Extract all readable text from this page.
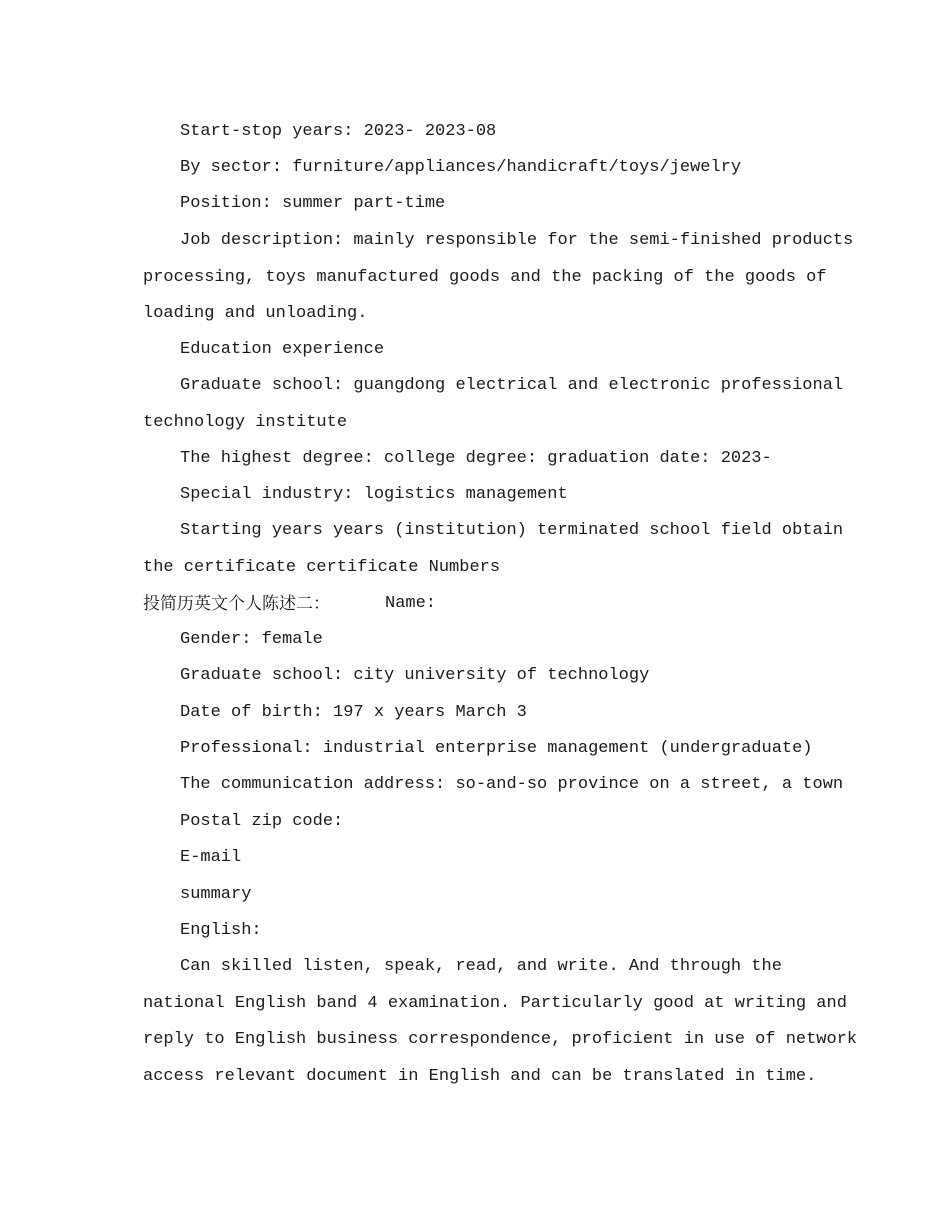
Start-stop years: 2023- 2023-08
By sector: furniture/appliances/handicraft/toys/jewelry
Position: summer part-time
Job description: mainly responsible for the semi-finished products
processing, toys manufactured goods and the packing of the goods of
loading and unloading.
Education experience
Graduate school: guangdong electrical and electronic professional
technology institute
The highest degree: college degree: graduation date: 2023-
Special industry: logistics management
Starting years years (institution) terminated school field obtain
the certificate certificate Numbers
投简历英文个人陈述二：	Name:
Gender: female
Graduate school: city university of technology
Date of birth: 197 x years March 3
Professional: industrial enterprise management (undergraduate)
The communication address: so-and-so province on a street, a town
Postal zip code:
E-mail
summary
English:
Can skilled listen, speak, read, and write. And through the
national English band 4 examination. Particularly good at writing and
reply to English business correspondence, proficient in use of network
access relevant document in English and can be translated in time.
